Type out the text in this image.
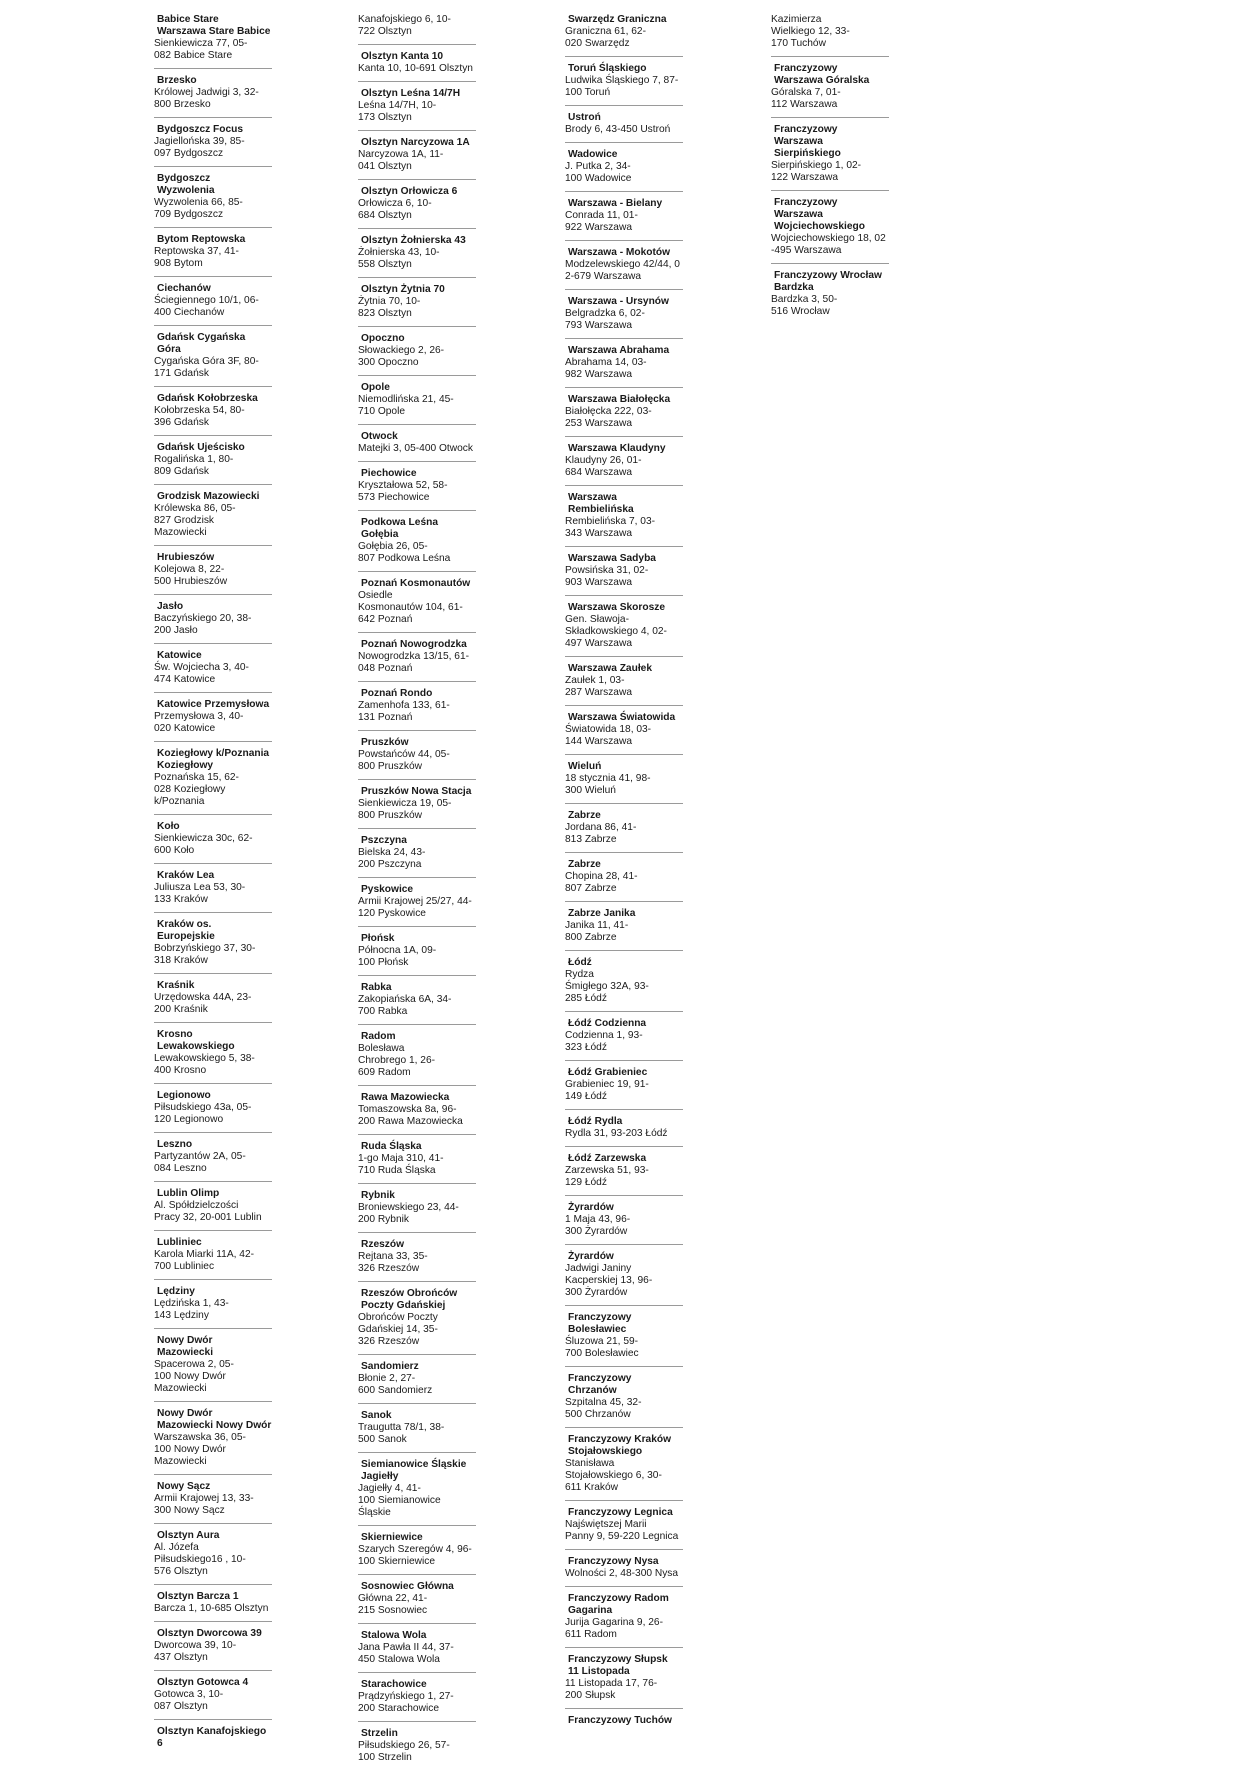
Babice Stare
Warszawa Stare Babice
Sienkiewicza 77, 05-
082 Babice Stare
Brzesko
Królowej Jadwigi 3, 32-
800 Brzesko
Bydgoszcz Focus
Jagiellońska 39, 85-
097 Bydgoszcz
Bydgoszcz
Wyzwolenia
Wyzwolenia 66, 85-
709 Bydgoszcz
Bytom Reptowska
Reptowska 37, 41-
908 Bytom
Ciechanów
Ściegiennego 10/1, 06-
400 Ciechanów
Gdańsk Cygańska
Góra
Cygańska Góra 3F, 80-
171 Gdańsk
Gdańsk Kołobrzeska
Kołobrzeska 54, 80-
396 Gdańsk
Gdańsk Ujeścisko
Rogalińska 1, 80-
809 Gdańsk
Grodzisk Mazowiecki
Królewska 86, 05-
827 Grodzisk
Mazowiecki
Hrubieszów
Kolejowa 8, 22-
500 Hrubieszów
Jasło
Baczyńskiego 20, 38-
200 Jasło
Katowice
Św. Wojciecha 3, 40-
474 Katowice
Katowice Przemysłowa
Przemysłowa 3, 40-
020 Katowice
Koziegłowy k/Poznania
Koziegłowy
Poznańska 15, 62-
028 Koziegłowy
k/Poznania
Koło
Sienkiewicza 30c, 62-
600 Koło
Kraków Lea
Juliusza Lea 53, 30-
133 Kraków
Kraków os.
Europejskie
Bobrzyńskiego 37, 30-
318 Kraków
Kraśnik
Urzędowska 44A, 23-
200 Kraśnik
Krosno
Lewakowskiego
Lewakowskiego 5, 38-
400 Krosno
Legionowo
Piłsudskiego 43a, 05-
120 Legionowo
Leszno
Partyzantów 2A, 05-
084 Leszno
Lublin Olimp
Al. Spółdzielczości
Pracy 32, 20-001 Lublin
Lubliniec
Karola Miarki 11A, 42-
700 Lubliniec
Lędziny
Lędzińska 1, 43-
143 Lędziny
Nowy Dwór
Mazowiecki
Spacerowa 2, 05-
100 Nowy Dwór
Mazowiecki
Nowy Dwór
Mazowiecki Nowy Dwór
Warszawska 36, 05-
100 Nowy Dwór
Mazowiecki
Nowy Sącz
Armii Krajowej 13, 33-
300 Nowy Sącz
Olsztyn Aura
Al. Józefa
Piłsudskiego16 , 10-
576 Olsztyn
Olsztyn Barcza 1
Barcza 1, 10-685 Olsztyn
Olsztyn Dworcowa 39
Dworcowa 39, 10-
437 Olsztyn
Olsztyn Gotowca 4
Gotowca 3, 10-
087 Olsztyn
Olsztyn Kanafojskiego
6
Kanafojskiego 6, 10-
722 Olsztyn
Olsztyn Kanta 10
Kanta 10, 10-691 Olsztyn
Olsztyn Leśna 14/7H
Leśna 14/7H, 10-
173 Olsztyn
Olsztyn Narcyzowa 1A
Narcyzowa 1A, 11-
041 Olsztyn
Olsztyn Orłowicza 6
Orłowicza 6, 10-
684 Olsztyn
Olsztyn Żołnierska 43
Żołnierska 43, 10-
558 Olsztyn
Olsztyn Żytnia 70
Żytnia 70, 10-
823 Olsztyn
Opoczno
Słowackiego 2, 26-
300 Opoczno
Opole
Niemodlińska 21, 45-
710 Opole
Otwock
Matejki 3, 05-400 Otwock
Piechowice
Kryształowa 52, 58-
573 Piechowice
Podkowa Leśna
Gołębia
Gołębia 26, 05-
807 Podkowa Leśna
Poznań Kosmonautów
Osiedle
Kosmonautów 104, 61-
642 Poznań
Poznań Nowogrodzka
Nowogrodzka 13/15, 61-
048 Poznań
Poznań Rondo
Zamenhofa 133, 61-
131 Poznań
Pruszków
Powstańców 44, 05-
800 Pruszków
Pruszków Nowa Stacja
Sienkiewicza 19, 05-
800 Pruszków
Pszczyna
Bielska 24, 43-
200 Pszczyna
Pyskowice
Armii Krajowej 25/27, 44-
120 Pyskowice
Płońsk
Północna 1A, 09-
100 Płońsk
Rabka
Zakopiańska 6A, 34-
700 Rabka
Radom
Bolesława
Chrobrego 1, 26-
609 Radom
Rawa Mazowiecka
Tomaszowska 8a, 96-
200 Rawa Mazowiecka
Ruda Śląska
1-go Maja 310, 41-
710 Ruda Śląska
Rybnik
Broniewskiego 23, 44-
200 Rybnik
Rzeszów
Rejtana 33, 35-
326 Rzeszów
Rzeszów Obrońców
Poczty Gdańskiej
Obrońców Poczty
Gdańskiej 14, 35-
326 Rzeszów
Sandomierz
Błonie 2, 27-
600 Sandomierz
Sanok
Traugutta 78/1, 38-
500 Sanok
Siemianowice Śląskie
Jagiełły
Jagiełły 4, 41-
100 Siemianowice
Śląskie
Skierniewice
Szarych Szeregów 4, 96-
100 Skierniewice
Sosnowiec Główna
Główna 22, 41-
215 Sosnowiec
Stalowa Wola
Jana Pawła II 44, 37-
450 Stalowa Wola
Starachowice
Prądzyńskiego 1, 27-
200 Starachowice
Strzelin
Piłsudskiego 26, 57-
100 Strzelin
Swarzędz Graniczna
Graniczna 61, 62-
020 Swarzędz
Toruń Śląskiego
Ludwika Śląskiego 7, 87-
100 Toruń
Ustroń
Brody 6, 43-450 Ustroń
Wadowice
J. Putka 2, 34-
100 Wadowice
Warszawa - Bielany
Conrada 11, 01-
922 Warszawa
Warszawa - Mokotów
Modzelewskiego 42/44, 0
2-679 Warszawa
Warszawa - Ursynów
Belgradzka 6, 02-
793 Warszawa
Warszawa Abrahama
Abrahama 14, 03-
982 Warszawa
Warszawa Białołęcka
Białołęcka 222, 03-
253 Warszawa
Warszawa Klaudyny
Klaudyny 26, 01-
684 Warszawa
Warszawa
Rembielińska
Rembielińska 7, 03-
343 Warszawa
Warszawa Sadyba
Powsińska 31, 02-
903 Warszawa
Warszawa Skorosze
Gen. Sławoja-
Składkowskiego 4, 02-
497 Warszawa
Warszawa Zaułek
Zaułek 1, 03-
287 Warszawa
Warszawa Światowida
Światowida 18, 03-
144 Warszawa
Wieluń
18 stycznia 41, 98-
300 Wieluń
Zabrze
Jordana 86, 41-
813 Zabrze
Zabrze
Chopina 28, 41-
807 Zabrze
Zabrze Janika
Janika 11, 41-
800 Zabrze
Łódź
Rydza
Śmigłego 32A, 93-
285 Łódź
Łódź Codzienna
Codzienna 1, 93-
323 Łódź
Łódź Grabieniec
Grabieniec 19, 91-
149 Łódź
Łódź Rydla
Rydla 31, 93-203 Łódź
Łódź Zarzewska
Zarzewska 51, 93-
129 Łódź
Żyrardów
1 Maja 43, 96-
300 Żyrardów
Żyrardów
Jadwigi Janiny
Kacperskiej 13, 96-
300 Żyrardów
Franczyzowy
Bolesławiec
Śluzowa 21, 59-
700 Bolesławiec
Franczyzowy
Chrzanów
Szpitalna 45, 32-
500 Chrzanów
Franczyzowy Kraków
Stojałowskiego
Stanisława
Stojałowskiego 6, 30-
611 Kraków
Franczyzowy Legnica
Najświętszej Marii
Panny 9, 59-220 Legnica
Franczyzowy Nysa
Wolności 2, 48-300 Nysa
Franczyzowy Radom
Gagarina
Jurija Gagarina 9, 26-
611 Radom
Franczyzowy Słupsk
11 Listopada
11 Listopada 17, 76-
200 Słupsk
Franczyzowy Tuchów
Kazimierza
Wielkiego 12, 33-
170 Tuchów
Franczyzowy
Warszawa Góralska
Góralska 7, 01-
112 Warszawa
Franczyzowy
Warszawa
Sierpińskiego
Sierpińskiego 1, 02-
122 Warszawa
Franczyzowy
Warszawa
Wojciechowskiego
Wojciechowskiego 18, 02
-495 Warszawa
Franczyzowy Wrocław
Bardzka
Bardzka 3, 50-
516 Wrocław
